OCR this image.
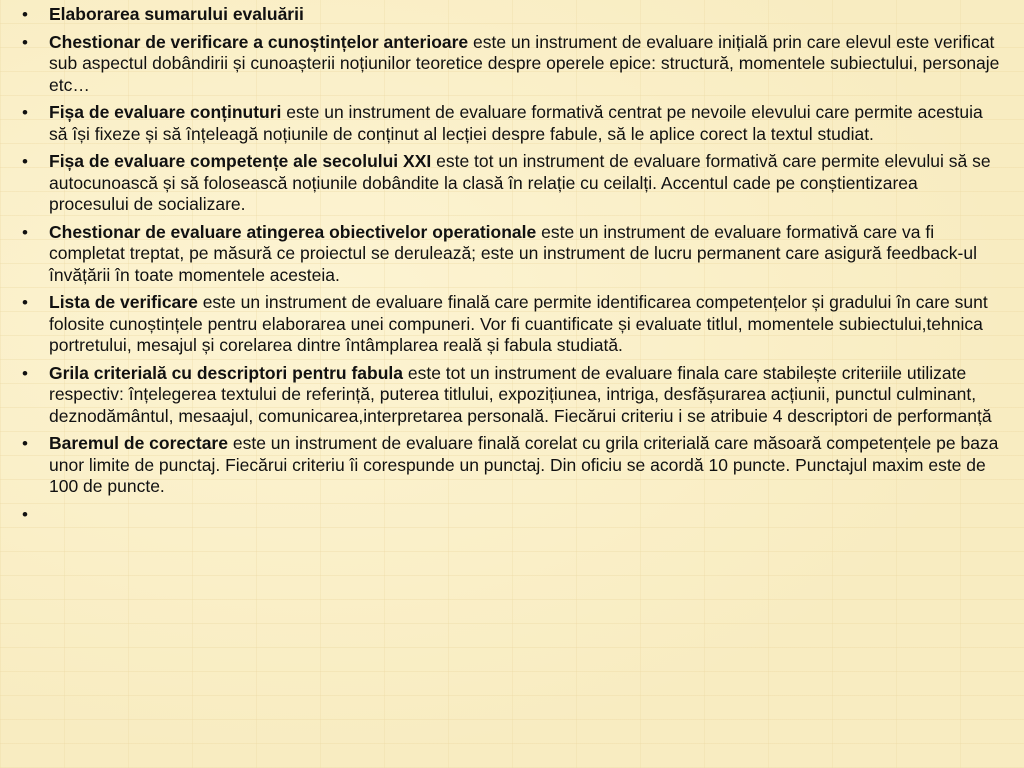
• Elaborarea sumarului evaluării
• Chestionar de verificare a cunoștințelor anterioare este un instrument de evaluare inițială prin care elevul este verificat sub aspectul dobândirii și cunoașterii noțiunilor teoretice despre operele epice: structură, momentele subiectului, personaje etc…
• Fișa de evaluare conținuturi este un instrument de evaluare formativă centrat pe nevoile elevului care permite acestuia să își fixeze și să înțeleagă noțiunile de conținut al lecției despre fabule, să le aplice corect la textul studiat.
• Fișa de evaluare competențe ale secolului XXI este tot un instrument de evaluare formativă care permite elevului să se autocunoască și să folosească noțiunile dobândite la clasă în relație cu ceilalți. Accentul cade pe conștientizarea procesului de socializare.
• Chestionar de evaluare atingerea obiectivelor operationale este un instrument de evaluare formativă care va fi completat treptat, pe măsură ce proiectul se derulează; este un instrument de lucru permanent care asigură feedback-ul învățării în toate momentele acesteia.
• Lista de verificare este un instrument de evaluare finală care permite identificarea competențelor și gradului în care sunt folosite cunoștințele pentru elaborarea unei compuneri. Vor fi cuantificate și evaluate titlul, momentele subiectului,tehnica portretului, mesajul și corelarea dintre întâmplarea reală și fabula studiată.
• Grila criterială cu descriptori pentru fabula este tot un instrument de evaluare finala care stabilește criteriile utilizate respectiv: înțelegerea textului de referință, puterea titlului, expozițiunea, intriga, desfășurarea acțiunii, punctul culminant, deznodământul, mesaajul, comunicarea,interpretarea personală. Fiecărui criteriu i se atribuie 4 descriptori de performanță
• Baremul de corectare este un instrument de evaluare finală corelat cu grila criterială care măsoară competențele pe baza unor limite de punctaj. Fiecărui criteriu îi corespunde un punctaj. Din oficiu se acordă 10 puncte. Punctajul maxim este de 100 de puncte.
•
